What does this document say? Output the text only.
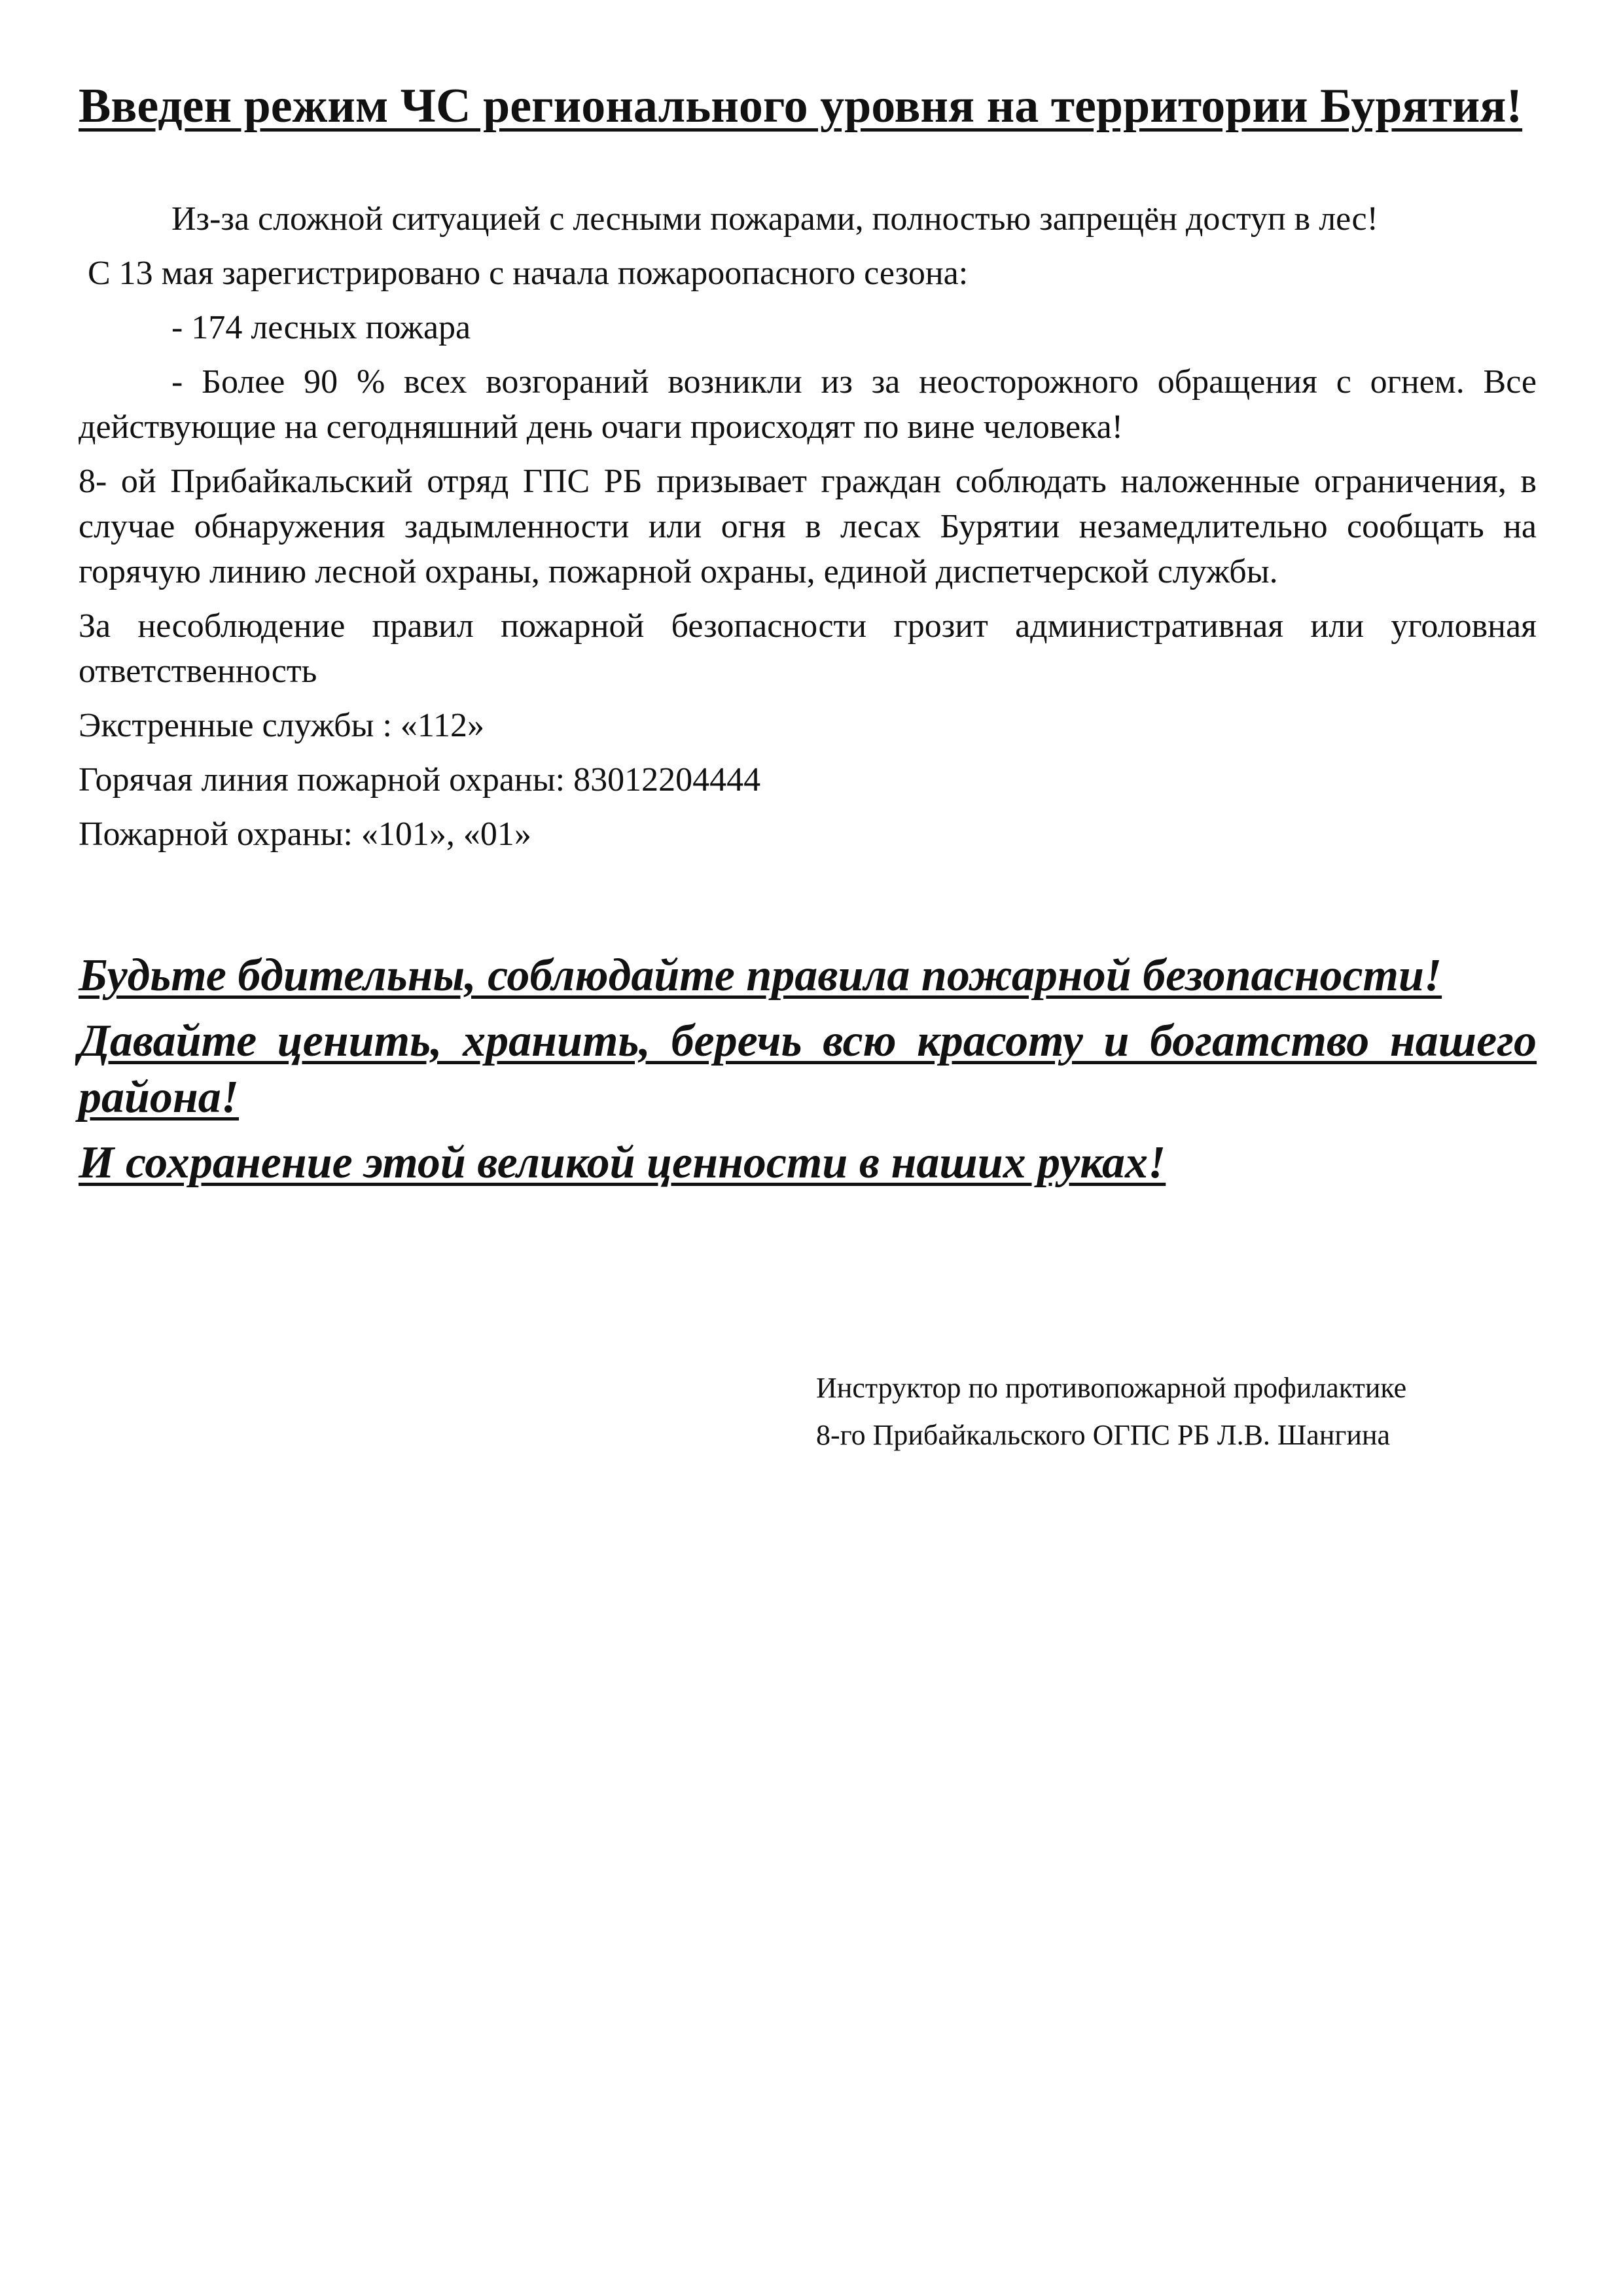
Введен режим ЧС регионального уровня на территории Бурятия!

Из-за сложной ситуацией с лесными пожарами, полностью запрещён доступ в лес!

С 13 мая зарегистрировано с начала пожароопасного сезона:

- 174 лесных пожара

- Более 90 % всех возгораний возникли из за неосторожного обращения с огнем. Все действующие на сегодняшний день очаги происходят по вине человека!

8- ой Прибайкальский отряд ГПС РБ призывает граждан соблюдать наложенные ограничения, в случае обнаружения задымленности или огня в лесах Бурятии незамедлительно сообщать на горячую линию лесной охраны, пожарной охраны, единой диспетчерской службы.

За несоблюдение правил пожарной безопасности грозит административная или уголовная ответственность

Экстренные службы : «112»

Горячая линия пожарной охраны: 83012204444

Пожарной охраны: «101», «01»

Будьте бдительны, соблюдайте правила пожарной безопасности!

Давайте ценить, хранить, беречь всю красоту и богатство нашего района!

И сохранение этой великой ценности в наших руках!

Инструктор по противопожарной профилактике
8-го Прибайкальского ОГПС РБ Л.В. Шангина
